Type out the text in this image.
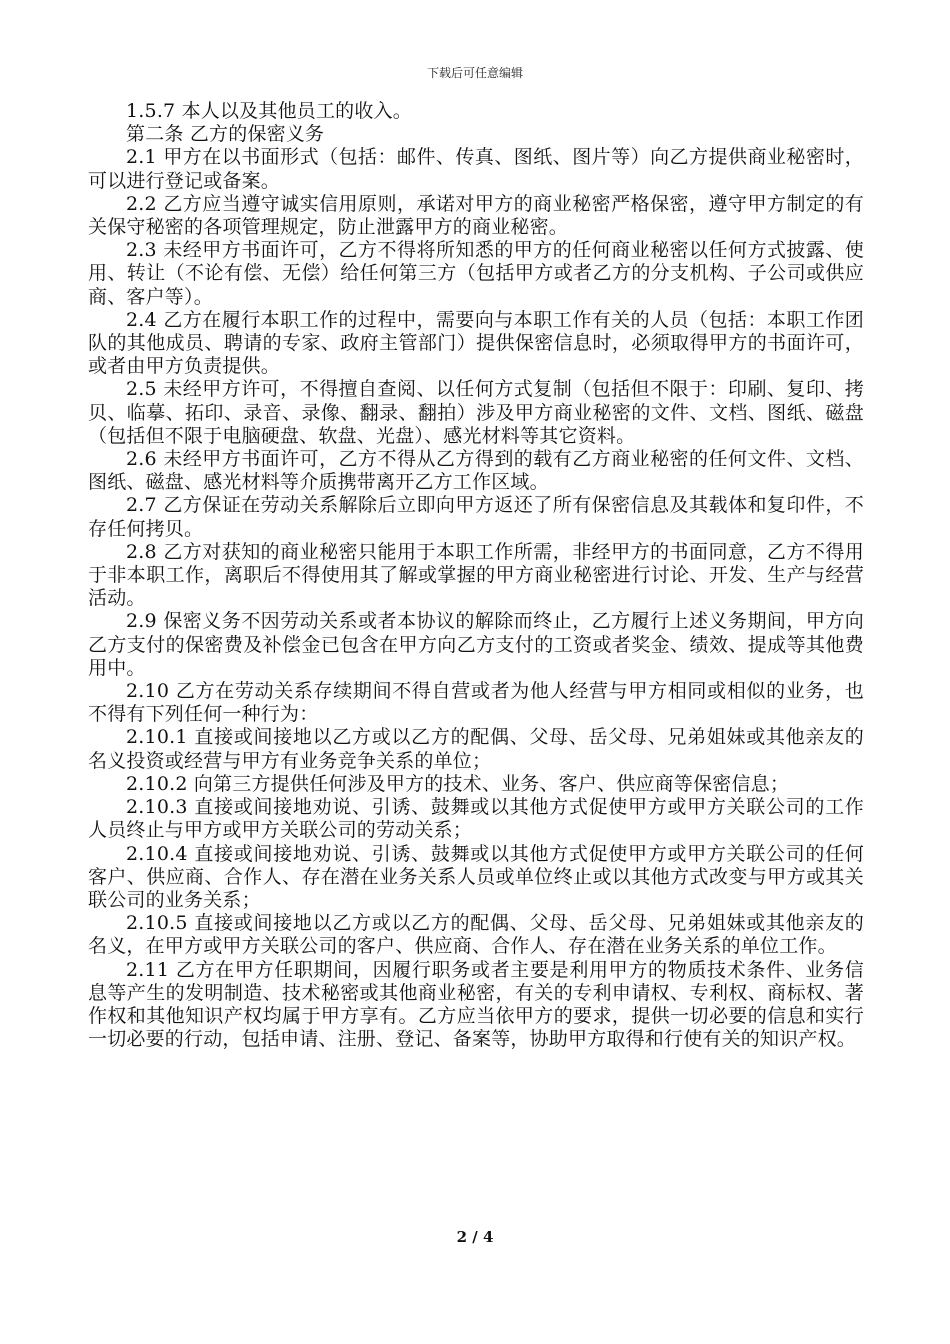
下载后可任意编辑

1.5.7 本人以及其他员工的收入。

第二条 乙方的保密义务

2.1 甲方在以书面形式（包括：邮件、传真、图纸、图片等）向乙方提供商业秘密时，可以进行登记或备案。

2.2 乙方应当遵守诚实信用原则，承诺对甲方的商业秘密严格保密，遵守甲方制定的有关保守秘密的各项管理规定，防止泄露甲方的商业秘密。

2.3 未经甲方书面许可，乙方不得将所知悉的甲方的任何商业秘密以任何方式披露、使用、转让（不论有偿、无偿）给任何第三方（包括甲方或者乙方的分支机构、子公司或供应商、客户等）。

2.4 乙方在履行本职工作的过程中，需要向与本职工作有关的人员（包括：本职工作团队的其他成员、聘请的专家、政府主管部门）提供保密信息时，必须取得甲方的书面许可，或者由甲方负责提供。

2.5 未经甲方许可，不得擅自查阅、以任何方式复制（包括但不限于：印刷、复印、拷贝、临摹、拓印、录音、录像、翻录、翻拍）涉及甲方商业秘密的文件、文档、图纸、磁盘（包括但不限于电脑硬盘、软盘、光盘）、感光材料等其它资料。

2.6 未经甲方书面许可，乙方不得从乙方得到的载有乙方商业秘密的任何文件、文档、图纸、磁盘、感光材料等介质携带离开乙方工作区域。

2.7 乙方保证在劳动关系解除后立即向甲方返还了所有保密信息及其载体和复印件，不存任何拷贝。

2.8 乙方对获知的商业秘密只能用于本职工作所需，非经甲方的书面同意，乙方不得用于非本职工作，离职后不得使用其了解或掌握的甲方商业秘密进行讨论、开发、生产与经营活动。

2.9 保密义务不因劳动关系或者本协议的解除而终止，乙方履行上述义务期间，甲方向乙方支付的保密费及补偿金已包含在甲方向乙方支付的工资或者奖金、绩效、提成等其他费用中。

2.10 乙方在劳动关系存续期间不得自营或者为他人经营与甲方相同或相似的业务，也不得有下列任何一种行为：

2.10.1 直接或间接地以乙方或以乙方的配偶、父母、岳父母、兄弟姐妹或其他亲友的名义投资或经营与甲方有业务竞争关系的单位；

2.10.2 向第三方提供任何涉及甲方的技术、业务、客户、供应商等保密信息；

2.10.3 直接或间接地劝说、引诱、鼓舞或以其他方式促使甲方或甲方关联公司的工作人员终止与甲方或甲方关联公司的劳动关系；

2.10.4 直接或间接地劝说、引诱、鼓舞或以其他方式促使甲方或甲方关联公司的任何客户、供应商、合作人、存在潜在业务关系人员或单位终止或以其他方式改变与甲方或其关联公司的业务关系；

2.10.5 直接或间接地以乙方或以乙方的配偶、父母、岳父母、兄弟姐妹或其他亲友的名义，在甲方或甲方关联公司的客户、供应商、合作人、存在潜在业务关系的单位工作。

2.11 乙方在甲方任职期间，因履行职务或者主要是利用甲方的物质技术条件、业务信息等产生的发明制造、技术秘密或其他商业秘密，有关的专利申请权、专利权、商标权、著作权和其他知识产权均属于甲方享有。乙方应当依甲方的要求，提供一切必要的信息和实行一切必要的行动，包括申请、注册、登记、备案等，协助甲方取得和行使有关的知识产权。

2 / 4
